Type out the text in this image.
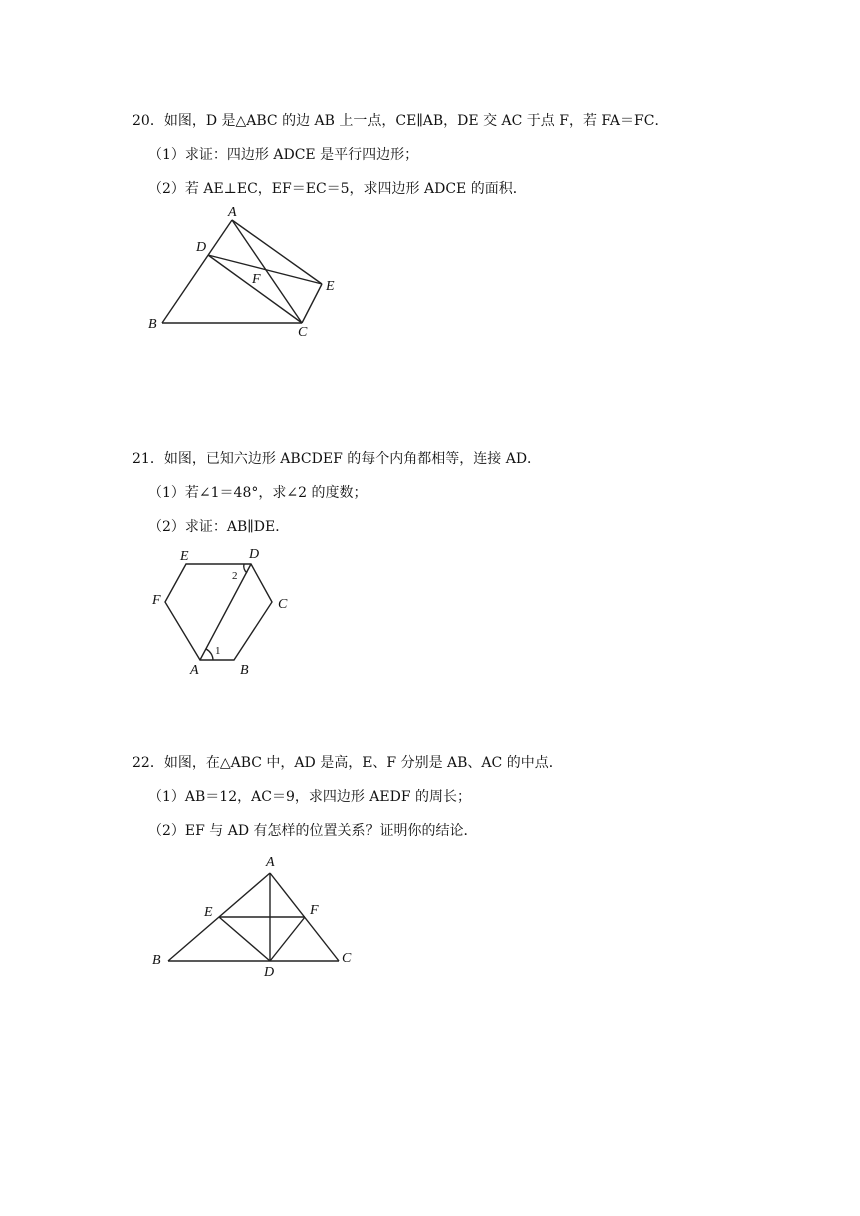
20．如图，D 是△ABC 的边 AB 上一点，CE∥AB，DE 交 AC 于点 F，若 FA＝FC．
（1）求证：四边形 ADCE 是平行四边形；
（2）若 AE⊥EC，EF＝EC＝5，求四边形 ADCE 的面积．
A
D
F	E
B
C
21．如图，已知六边形 ABCDEF 的每个内角都相等，连接 AD．
（1）若∠1＝48°，求∠2 的度数；
（2）求证：AB∥DE．
E	D
2
F	C
1
A	B
22．如图，在△ABC 中，AD 是高，E、F 分别是 AB、AC 的中点．
（1）AB＝12，AC＝9，求四边形 AEDF 的周长；
（2）EF 与 AD 有怎样的位置关系？证明你的结论．
A
E	F
B	C
D
